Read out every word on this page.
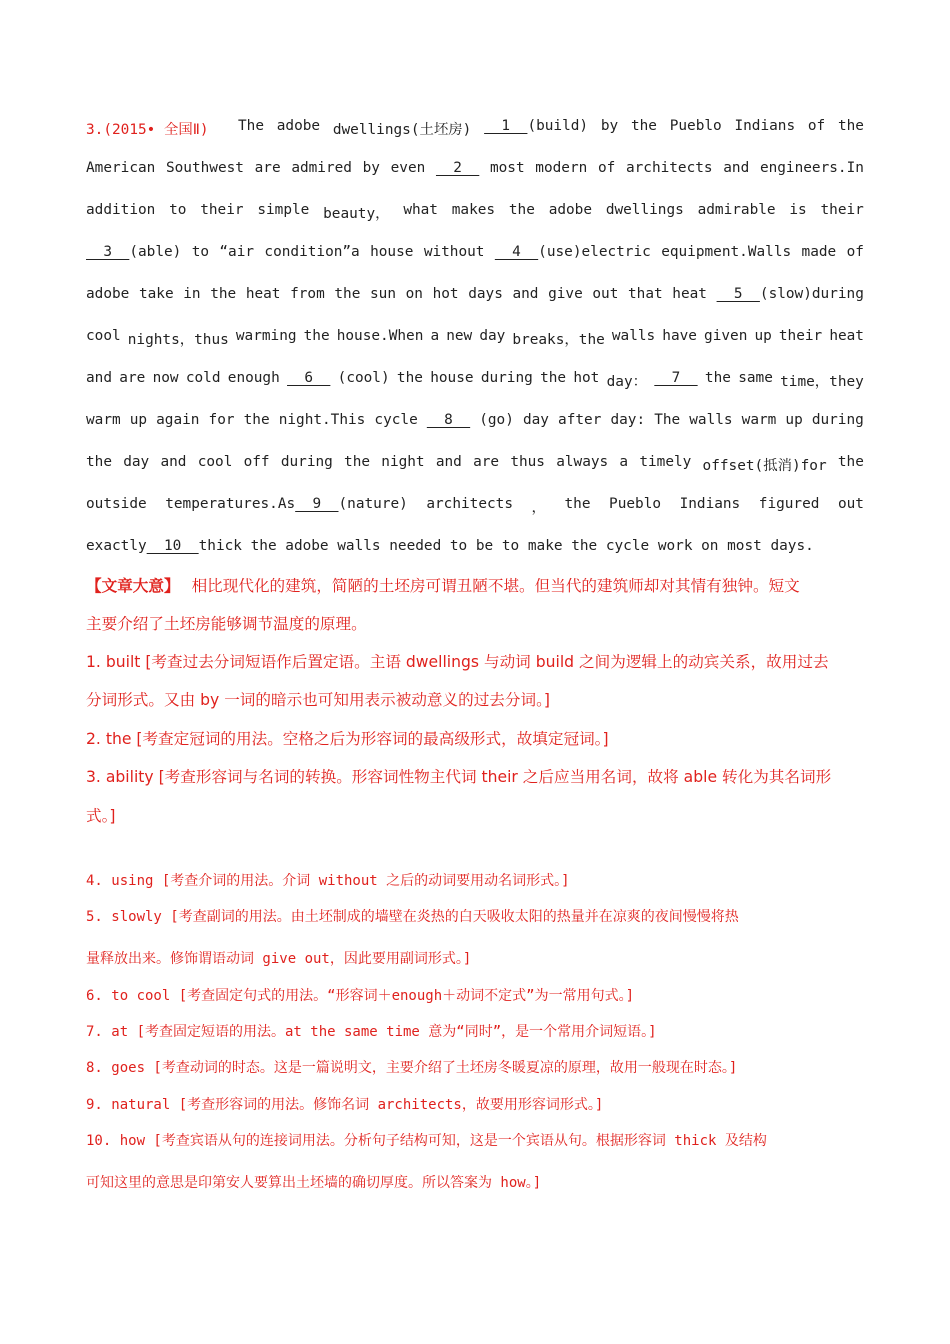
3.(2015• 全国Ⅱ)	The adobe dwellings(土坯房) 1  (build) by the Pueblo Indians of the
American Southwest are admired by even 2 most modern of architects and engineers.In
addition to their simple beauty， what makes the adobe dwellings admirable is their
3  (able) to “air condition”a house without 4  (use)electric equipment.Walls made of
adobe take in the heat from the sun on hot days and give out that heat 5  (slow)during
cool nights，thus warming the house.When a new day breaks，the walls have given up their heat
and are now cold enough 6 (cool) the house during the hot day： 7 the same time，they
warm up again for the night.This cycle 8 (go) day after day: The walls warm up during
the day and cool off during the night and are thus always a timely offset(抵消)for the
outside temperatures.As  9  (nature) architects ， the Pueblo Indians figured out
exactly  10  thick the adobe walls needed to be to make the cycle work on most days.
【文章大意】 相比现代化的建筑，简陋的土坯房可谓丑陋不堪。但当代的建筑师却对其情有独钟。短文
主要介绍了土坯房能够调节温度的原理。
1. built [考查过去分词短语作后置定语。主语 dwellings 与动词 build 之间为逻辑上的动宾关系，故用过去
分词形式。又由 by 一词的暗示也可知用表示被动意义的过去分词。]
2. the [考查定冠词的用法。空格之后为形容词的最高级形式，故填定冠词。]
3. ability [考查形容词与名词的转换。形容词性物主代词 their 之后应当用名词，故将 able 转化为其名词形
式。]
4. using [考查介词的用法。介词 without 之后的动词要用动名词形式。]
5. slowly [考查副词的用法。由土坯制成的墙壁在炎热的白天吸收太阳的热量并在凉爽的夜间慢慢将热
量释放出来。修饰谓语动词 give out，因此要用副词形式。]
6. to cool [考查固定句式的用法。“形容词＋enough＋动词不定式”为一常用句式。]
7. at [考查固定短语的用法。at the same time 意为“同时”，是一个常用介词短语。]
8. goes [考查动词的时态。这是一篇说明文，主要介绍了土坯房冬暖夏凉的原理，故用一般现在时态。]
9. natural [考查形容词的用法。修饰名词 architects，故要用形容词形式。]
10. how [考查宾语从句的连接词用法。分析句子结构可知，这是一个宾语从句。根据形容词 thick 及结构
可知这里的意思是印第安人要算出土坯墙的确切厚度。所以答案为 how。]
